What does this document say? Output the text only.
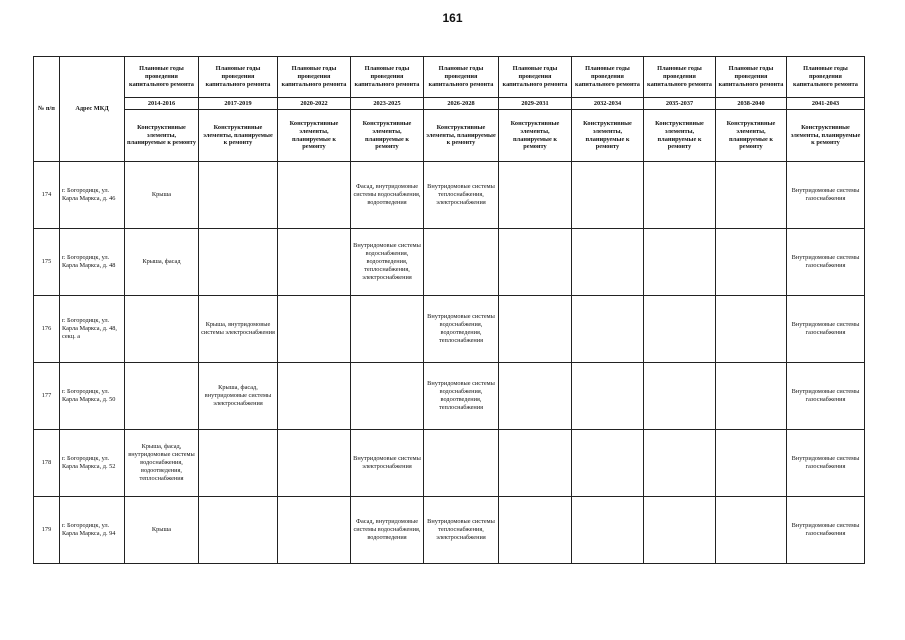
161
№ п/п	Адрес МКД	Плановые годы проведения капитального ремонта	Плановые годы проведения капитального ремонта	Плановые годы проведения капитального ремонта	Плановые годы проведения капитального ремонта	Плановые годы проведения капитального ремонта	Плановые годы проведения капитального ремонта	Плановые годы проведения капитального ремонта	Плановые годы проведения капитального ремонта	Плановые годы проведения капитального ремонта	Плановые годы проведения капитального ремонта
		2014-2016	2017-2019	2020-2022	2023-2025	2026-2028	2029-2031	2032-2034	2035-2037	2038-2040	2041-2043
		Конструктивные элементы, планируемые к ремонту	Конструктивные элементы, планируемые к ремонту	Конструктивные элементы, планируемые к ремонту	Конструктивные элементы, планируемые к ремонту	Конструктивные элементы, планируемые к ремонту	Конструктивные элементы, планируемые к ремонту	Конструктивные элементы, планируемые к ремонту	Конструктивные элементы, планируемые к ремонту	Конструктивные элементы, планируемые к ремонту	Конструктивные элементы, планируемые к ремонту
174	г. Богородицк, ул. Карла Маркса, д. 46	Крыша			Фасад, внутридомовые системы водоснабжения, водоотведения	Внутридомовые системы теплоснабжения, электроснабжения					Внутридомовые системы газоснабжения
175	г. Богородицк, ул. Карла Маркса, д. 48	Крыша, фасад			Внутридомовые системы водоснабжения, водоотведения, теплоснабжения, электроснабжения						Внутридомовые системы газоснабжения
176	г. Богородицк, ул. Карла Маркса, д. 48, секц. а		Крыша, внутридомовые системы электроснабжения			Внутридомовые системы водоснабжения, водоотведения, теплоснабжения					Внутридомовые системы газоснабжения
177	г. Богородицк, ул. Карла Маркса, д. 50		Крыша, фасад, внутридомовые системы электроснабжения			Внутридомовые системы водоснабжения, водоотведения, теплоснабжения					Внутридомовые системы газоснабжения
178	г. Богородицк, ул. Карла Маркса, д. 52	Крыша, фасад, внутридомовые системы водоснабжения, водоотведения, теплоснабжения			Внутридомовые системы электроснабжения						Внутридомовые системы газоснабжения
179	г. Богородицк, ул. Карла Маркса, д. 94	Крыша			Фасад, внутридомовые системы водоснабжения, водоотведения	Внутридомовые системы теплоснабжения, электроснабжения					Внутридомовые системы газоснабжения
